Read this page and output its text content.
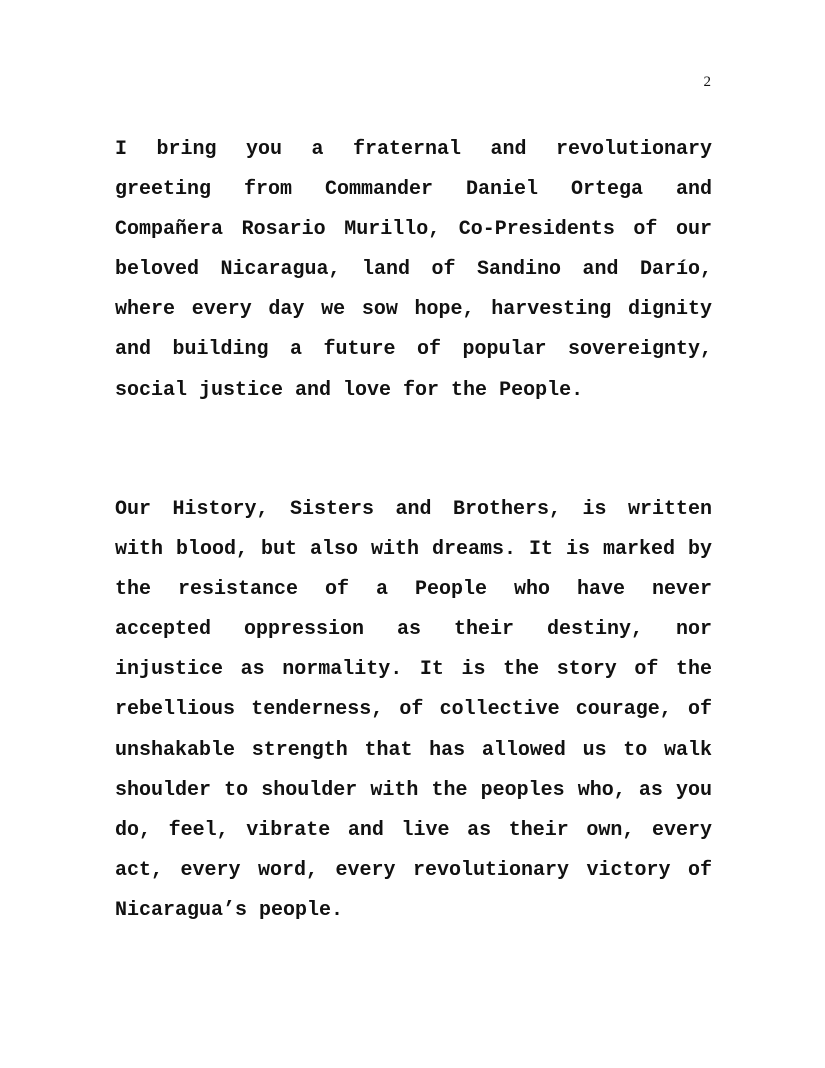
2

I bring you a fraternal and revolutionary greeting from Commander Daniel Ortega and Compañera Rosario Murillo, Co-Presidents of our beloved Nicaragua, land of Sandino and Darío, where every day we sow hope, harvesting dignity and building a future of popular sovereignty, social justice and love for the People.

Our History, Sisters and Brothers, is written with blood, but also with dreams. It is marked by the resistance of a People who have never accepted oppression as their destiny, nor injustice as normality. It is the story of the rebellious tenderness, of collective courage, of unshakable strength that has allowed us to walk shoulder to shoulder with the peoples who, as you do, feel, vibrate and live as their own, every act, every word, every revolutionary victory of Nicaragua’s people.
